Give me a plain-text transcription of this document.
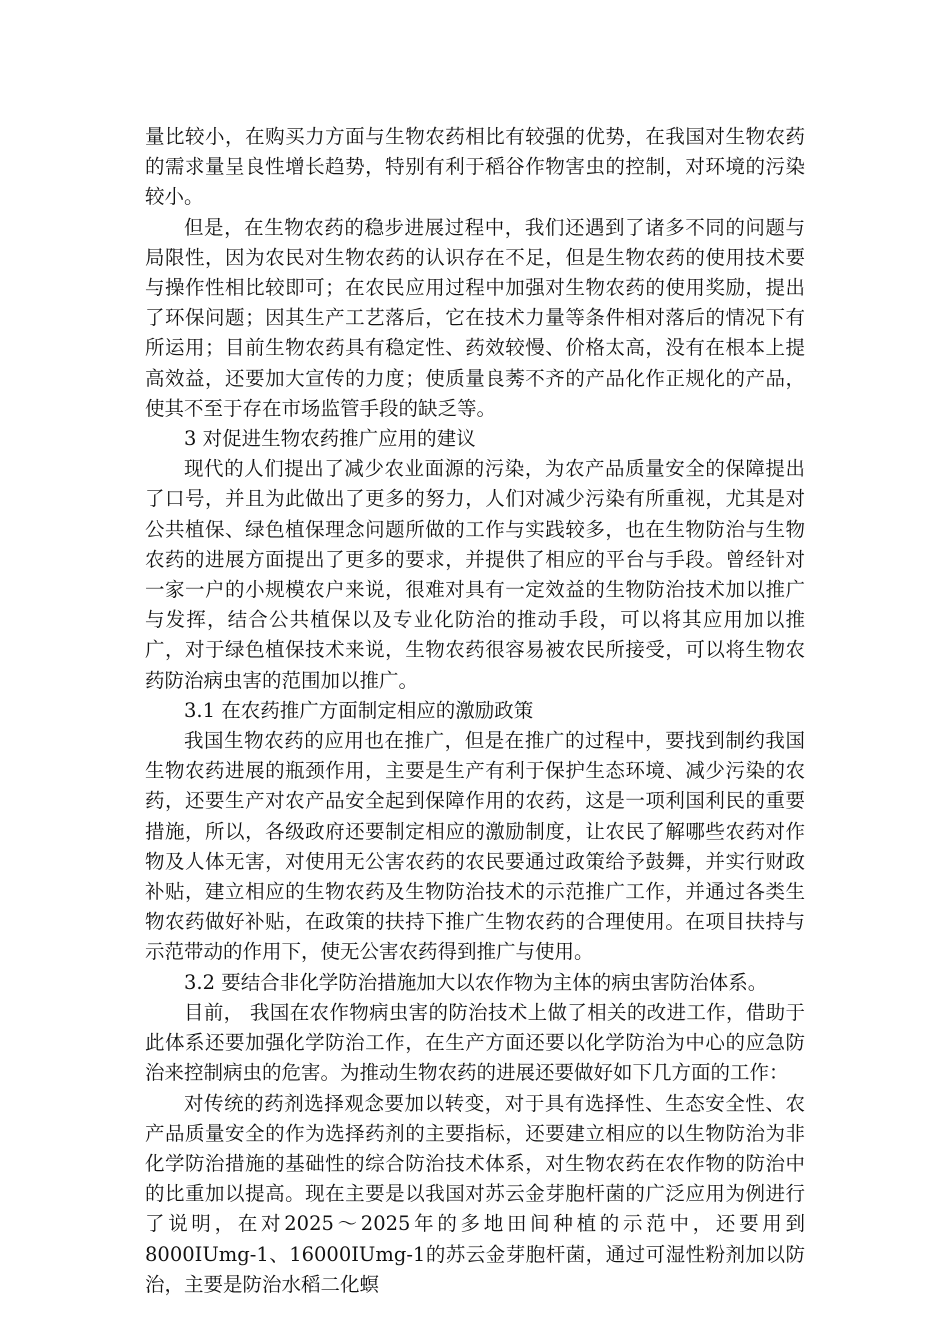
量比较小，在购买力方面与生物农药相比有较强的优势，在我国对生物农药的需求量呈良性增长趋势，特别有利于稻谷作物害虫的控制，对环境的污染较小。

但是，在生物农药的稳步进展过程中，我们还遇到了诸多不同的问题与局限性，因为农民对生物农药的认识存在不足，但是生物农药的使用技术要与操作性相比较即可；在农民应用过程中加强对生物农药的使用奖励，提出了环保问题；因其生产工艺落后，它在技术力量等条件相对落后的情况下有所运用；目前生物农药具有稳定性、药效较慢、价格太高，没有在根本上提高效益，还要加大宣传的力度；使质量良莠不齐的产品化作正规化的产品，使其不至于存在市场监管手段的缺乏等。

3 对促进生物农药推广应用的建议

现代的人们提出了减少农业面源的污染，为农产品质量安全的保障提出了口号，并且为此做出了更多的努力，人们对减少污染有所重视，尤其是对公共植保、绿色植保理念问题所做的工作与实践较多，也在生物防治与生物农药的进展方面提出了更多的要求，并提供了相应的平台与手段。曾经针对一家一户的小规模农户来说，很难对具有一定效益的生物防治技术加以推广与发挥，结合公共植保以及专业化防治的推动手段，可以将其应用加以推广，对于绿色植保技术来说，生物农药很容易被农民所接受，可以将生物农药防治病虫害的范围加以推广。

3.1 在农药推广方面制定相应的激励政策

我国生物农药的应用也在推广，但是在推广的过程中，要找到制约我国生物农药进展的瓶颈作用，主要是生产有利于保护生态环境、减少污染的农药，还要生产对农产品安全起到保障作用的农药，这是一项利国利民的重要措施，所以，各级政府还要制定相应的激励制度，让农民了解哪些农药对作物及人体无害，对使用无公害农药的农民要通过政策给予鼓舞，并实行财政补贴，建立相应的生物农药及生物防治技术的示范推广工作，并通过各类生物农药做好补贴，在政策的扶持下推广生物农药的合理使用。在项目扶持与示范带动的作用下，使无公害农药得到推广与使用。

3.2 要结合非化学防治措施加大以农作物为主体的病虫害防治体系。

目前， 我国在农作物病虫害的防治技术上做了相关的改进工作，借助于此体系还要加强化学防治工作，在生产方面还要以化学防治为中心的应急防治来控制病虫的危害。为推动生物农药的进展还要做好如下几方面的工作：

对传统的药剂选择观念要加以转变，对于具有选择性、生态安全性、农产品质量安全的作为选择药剂的主要指标，还要建立相应的以生物防治为非化学防治措施的基础性的综合防治技术体系，对生物农药在农作物的防治中的比重加以提高。现在主要是以我国对苏云金芽胞杆菌的广泛应用为例进行了说明，在对2025～2025年的多地田间种植的示范中，还要用到8000IUmg-1、16000IUmg-1的苏云金芽胞杆菌，通过可湿性粉剂加以防治，主要是防治水稻二化螟
